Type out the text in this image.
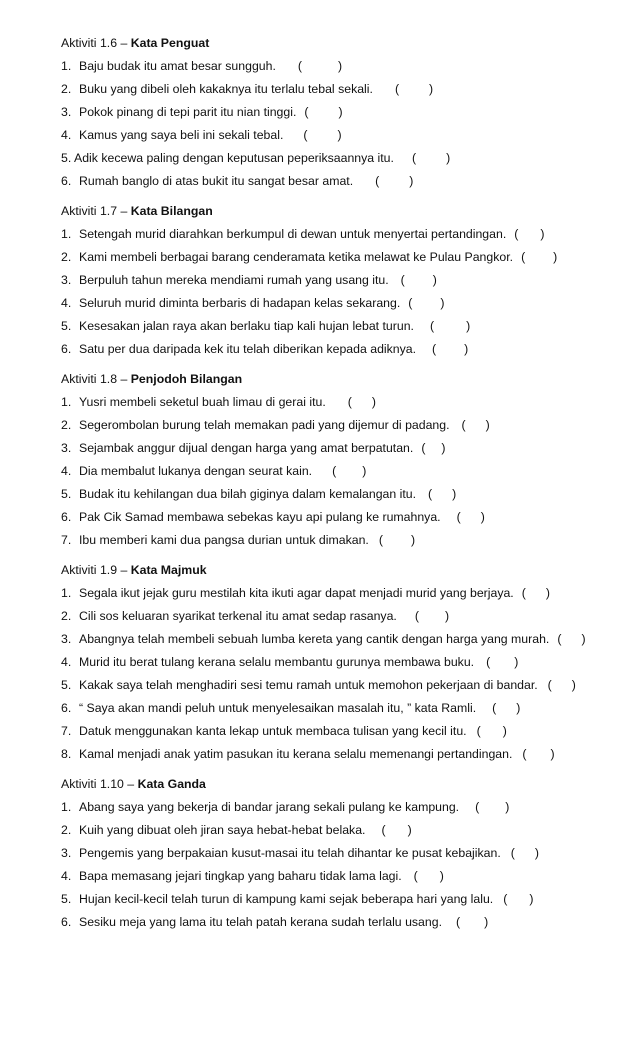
Aktiviti 1.6 – Kata Penguat
1. Baju budak itu amat besar sungguh. (	)
2. Buku yang dibeli oleh kakaknya itu terlalu tebal sekali. ( )
3. Pokok pinang di tepi parit itu nian tinggi. ( )
4. Kamus yang saya beli ini sekali tebal. ( )
5. Adik kecewa paling dengan keputusan peperiksaannya itu. ( )
6. Rumah banglo di atas bukit itu sangat besar amat. ( )
Aktiviti 1.7 – Kata Bilangan
1. Setengah murid diarahkan berkumpul di dewan untuk menyertai pertandingan. ( )
2. Kami membeli berbagai barang cenderamata ketika melawat ke Pulau Pangkor. ( )
3. Berpuluh tahun mereka mendiami rumah yang usang itu. ( )
4. Seluruh murid diminta berbaris di hadapan kelas sekarang. ( )
5. Kesesakan jalan raya akan berlaku tiap kali hujan lebat turun. (	)
6. Satu per dua daripada kek itu telah diberikan kepada adiknya. ( )
Aktiviti 1.8 – Penjodoh Bilangan
1. Yusri membeli seketul buah limau di gerai itu. ( )
2. Segerombolan burung telah memakan padi yang dijemur di padang. ( )
3. Sejambak anggur dijual dengan harga yang amat berpatutan. ( )
4. Dia membalut lukanya dengan seurat kain. ( )
5. Budak itu kehilangan dua bilah giginya dalam kemalangan itu. ( )
6. Pak Cik Samad membawa sebekas kayu api pulang ke rumahnya. ( )
7. Ibu memberi kami dua pangsa durian untuk dimakan. ( )
Aktiviti 1.9 – Kata Majmuk
1. Segala ikut jejak guru mestilah kita ikuti agar dapat menjadi murid yang berjaya. ( )
2. Cili sos keluaran syarikat terkenal itu amat sedap rasanya. ( )
3. Abangnya telah membeli sebuah lumba kereta yang cantik dengan harga yang murah. ( )
4. Murid itu berat tulang kerana selalu membantu gurunya membawa buku. ( )
5. Kakak saya telah menghadiri sesi temu ramah untuk memohon pekerjaan di bandar. ( )
6. “ Saya akan mandi peluh untuk menyelesaikan masalah itu, ” kata Ramli. ( )
7. Datuk menggunakan kanta lekap untuk membaca tulisan yang kecil itu. ( )
8. Kamal menjadi anak yatim pasukan itu kerana selalu memenangi pertandingan. ( )
Aktiviti 1.10 – Kata Ganda
1. Abang saya yang bekerja di bandar jarang sekali pulang ke kampung. ( )
2. Kuih yang dibuat oleh jiran saya hebat-hebat belaka. ( )
3. Pengemis yang berpakaian kusut-masai itu telah dihantar ke pusat kebajikan. ( )
4. Bapa memasang jejari tingkap yang baharu tidak lama lagi. ( )
5. Hujan kecil-kecil telah turun di kampung kami sejak beberapa hari yang lalu. ( )
6. Sesiku meja yang lama itu telah patah kerana sudah terlalu usang. ( )
